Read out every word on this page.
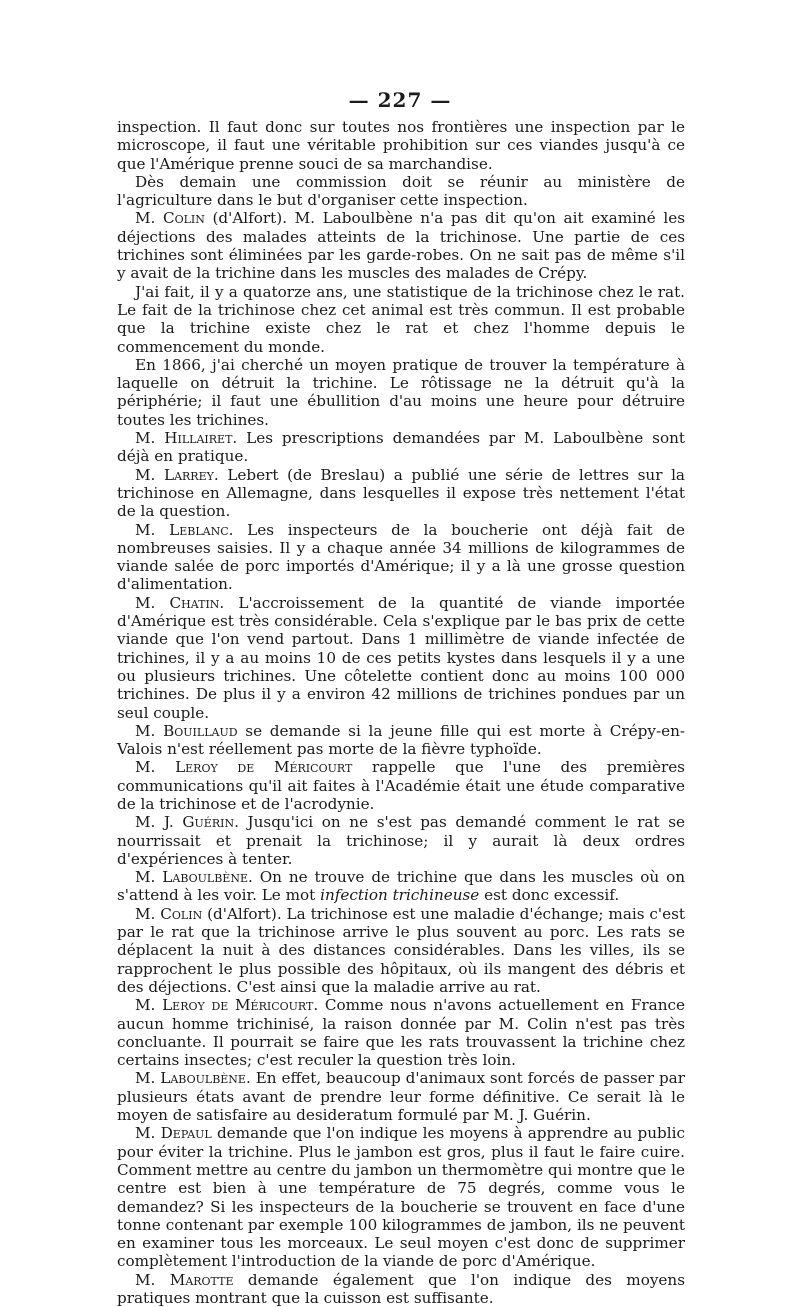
— 227 —

inspection. Il faut donc sur toutes nos frontières une inspection par le microscope, il faut une véritable prohibition sur ces viandes jusqu'à ce que l'Amérique prenne souci de sa marchandise.

Dès demain une commission doit se réunir au ministère de l'agriculture dans le but d'organiser cette inspection.

M. Colin (d'Alfort). M. Laboulbène n'a pas dit qu'on ait examiné les déjections des malades atteints de la trichinose. Une partie de ces trichines sont éliminées par les garde-robes. On ne sait pas de même s'il y avait de la trichine dans les muscles des malades de Crépy.

J'ai fait, il y a quatorze ans, une statistique de la trichinose chez le rat. Le fait de la trichinose chez cet animal est très commun. Il est probable que la trichine existe chez le rat et chez l'homme depuis le commencement du monde.

En 1866, j'ai cherché un moyen pratique de trouver la température à laquelle on détruit la trichine. Le rôtissage ne la détruit qu'à la périphérie; il faut une ébullition d'au moins une heure pour détruire toutes les trichines.

M. Hillairet. Les prescriptions demandées par M. Laboulbène sont déjà en pratique.

M. Larrey. Lebert (de Breslau) a publié une série de lettres sur la trichinose en Allemagne, dans lesquelles il expose très nettement l'état de la question.

M. Leblanc. Les inspecteurs de la boucherie ont déjà fait de nombreuses saisies. Il y a chaque année 34 millions de kilogrammes de viande salée de porc importés d'Amérique; il y a là une grosse question d'alimentation.

M. Chatin. L'accroissement de la quantité de viande importée d'Amérique est très considérable. Cela s'explique par le bas prix de cette viande que l'on vend partout. Dans 1 millimètre de viande infectée de trichines, il y a au moins 10 de ces petits kystes dans lesquels il y a une ou plusieurs trichines. Une côtelette contient donc au moins 100 000 trichines. De plus il y a environ 42 millions de trichines pondues par un seul couple.

M. Bouillaud se demande si la jeune fille qui est morte à Crépy-en-Valois n'est réellement pas morte de la fièvre typhoïde.

M. Leroy de Méricourt rappelle que l'une des premières communications qu'il ait faites à l'Académie était une étude comparative de la trichinose et de l'acrodynie.

M. J. Guérin. Jusqu'ici on ne s'est pas demandé comment le rat se nourrissait et prenait la trichinose; il y aurait là deux ordres d'expériences à tenter.

M. Laboulbène. On ne trouve de trichine que dans les muscles où on s'attend à les voir. Le mot infection trichineuse est donc excessif.

M. Colin (d'Alfort). La trichinose est une maladie d'échange; mais c'est par le rat que la trichinose arrive le plus souvent au porc. Les rats se déplacent la nuit à des distances considérables. Dans les villes, ils se rapprochent le plus possible des hôpitaux, où ils mangent des débris et des déjections. C'est ainsi que la maladie arrive au rat.

M. Leroy de Méricourt. Comme nous n'avons actuellement en France aucun homme trichinisé, la raison donnée par M. Colin n'est pas très concluante. Il pourrait se faire que les rats trouvassent la trichine chez certains insectes; c'est reculer la question très loin.

M. Laboulbène. En effet, beaucoup d'animaux sont forcés de passer par plusieurs états avant de prendre leur forme définitive. Ce serait là le moyen de satisfaire au desideratum formulé par M. J. Guérin.

M. Depaul demande que l'on indique les moyens à apprendre au public pour éviter la trichine. Plus le jambon est gros, plus il faut le faire cuire. Comment mettre au centre du jambon un thermomètre qui montre que le centre est bien à une température de 75 degrés, comme vous le demandez? Si les inspecteurs de la boucherie se trouvent en face d'une tonne contenant par exemple 100 kilogrammes de jambon, ils ne peuvent en examiner tous les morceaux. Le seul moyen c'est donc de supprimer complètement l'introduction de la viande de porc d'Amérique.

M. Marotte demande également que l'on indique des moyens pratiques montrant que la cuisson est suffisante.
